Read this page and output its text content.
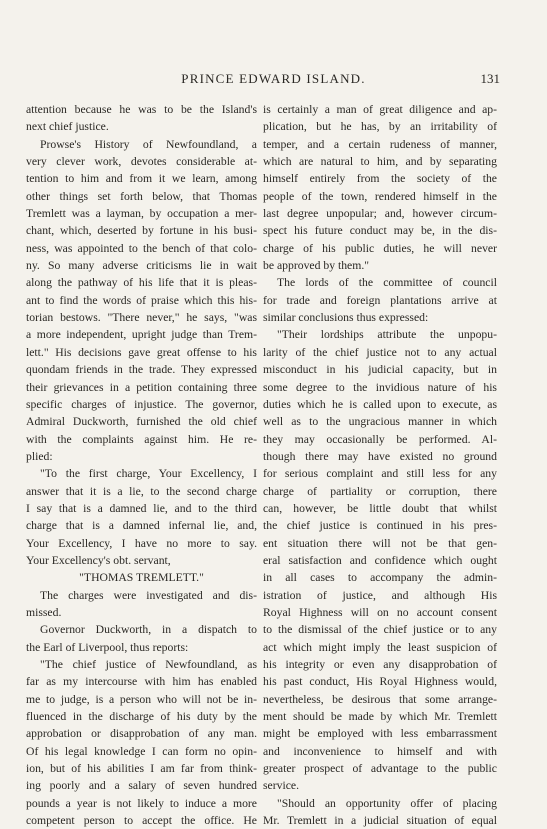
PRINCE EDWARD ISLAND.	131
attention because he was to be the Island's
next chief justice.
Prowse's History of Newfoundland, a
very clever work, devotes considerable at-
tention to him and from it we learn, among
other things set forth below, that Thomas
Tremlett was a layman, by occupation a mer-
chant, which, deserted by fortune in his busi-
ness, was appointed to the bench of that colo-
ny. So many adverse criticisms lie in wait
along the pathway of his life that it is pleas-
ant to find the words of praise which this his-
torian bestows. "There never," he says, "was
a more independent, upright judge than Trem-
lett." His decisions gave great offense to his
quondam friends in the trade. They expressed
their grievances in a petition containing three
specific charges of injustice. The governor,
Admiral Duckworth, furnished the old chief
with the complaints against him. He re-
plied:
"To the first charge, Your Excellency, I
answer that it is a lie, to the second charge
I say that is a damned lie, and to the third
charge that is a damned infernal lie, and,
Your Excellency, I have no more to say.
Your Excellency's obt. servant,
"THOMAS TREMLETT."
The charges were investigated and dis-
missed.
Governor Duckworth, in a dispatch to
the Earl of Liverpool, thus reports:
"The chief justice of Newfoundland, as
far as my intercourse with him has enabled
me to judge, is a person who will not be in-
fluenced in the discharge of his duty by the
approbation or disapprobation of any man.
Of his legal knowledge I can form no opin-
ion, but of his abilities I am far from think-
ing poorly and a salary of seven hundred
pounds a year is not likely to induce a more
competent person to accept the office. He
is certainly a man of great diligence and ap-
plication, but he has, by an irritability of
temper, and a certain rudeness of manner,
which are natural to him, and by separating
himself entirely from the society of the
people of the town, rendered himself in the
last degree unpopular; and, however circum-
spect his future conduct may be, in the dis-
charge of his public duties, he will never
be approved by them."
The lords of the committee of council
for trade and foreign plantations arrive at
similar conclusions thus expressed:
"Their lordships attribute the unpopu-
larity of the chief justice not to any actual
misconduct in his judicial capacity, but in
some degree to the invidious nature of his
duties which he is called upon to execute, as
well as to the ungracious manner in which
they may occasionally be performed. Al-
though there may have existed no ground
for serious complaint and still less for any
charge of partiality or corruption, there
can, however, be little doubt that whilst
the chief justice is continued in his pres-
ent situation there will not be that gen-
eral satisfaction and confidence which ought
in all cases to accompany the admin-
istration of justice, and although His
Royal Highness will on no account consent
to the dismissal of the chief justice or to any
act which might imply the least suspicion of
his integrity or even any disapprobation of
his past conduct, His Royal Highness would,
nevertheless, be desirous that some arrange-
ment should be made by which Mr. Tremlett
might be employed with less embarrassment
and inconvenience to himself and with
greater prospect of advantage to the public
service.
"Should an opportunity offer of placing
Mr. Tremlett in a judicial situation of equal
